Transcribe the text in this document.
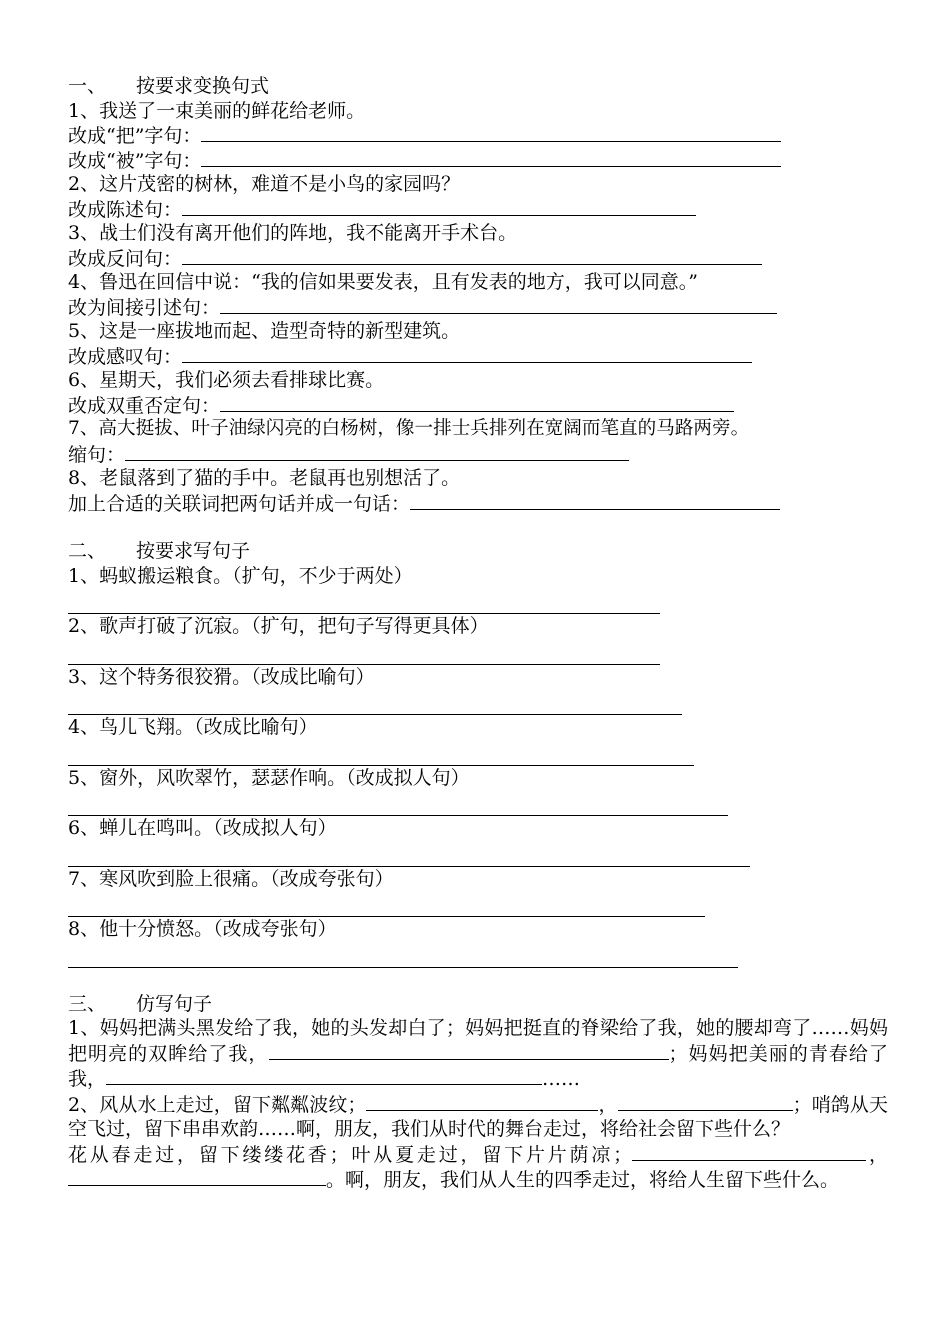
一、 按要求变换句式
1、我送了一束美丽的鲜花给老师。
改成“把”字句：
改成“被”字句：
2、这片茂密的树林，难道不是小鸟的家园吗？
改成陈述句：
3、战士们没有离开他们的阵地，我不能离开手术台。
改成反问句：
4、鲁迅在回信中说：“我的信如果要发表，且有发表的地方，我可以同意。”
改为间接引述句：
5、这是一座拔地而起、造型奇特的新型建筑。
改成感叹句：
6、星期天，我们必须去看排球比赛。
改成双重否定句：
7、高大挺拔、叶子油绿闪亮的白杨树，像一排士兵排列在宽阔而笔直的马路两旁。
缩句：
8、老鼠落到了猫的手中。老鼠再也别想活了。
加上合适的关联词把两句话并成一句话：
二、 按要求写句子
1、蚂蚁搬运粮食。（扩句，不少于两处）
2、歌声打破了沉寂。（扩句，把句子写得更具体）
3、这个特务很狡猾。（改成比喻句）
4、鸟儿飞翔。（改成比喻句）
5、窗外，风吹翠竹，瑟瑟作响。（改成拟人句）
6、蝉儿在鸣叫。（改成拟人句）
7、寒风吹到脸上很痛。（改成夸张句）
8、他十分愤怒。（改成夸张句）
三、 仿写句子
1、妈妈把满头黑发给了我，她的头发却白了；妈妈把挺直的脊梁给了我，她的腰却弯了……妈妈把明亮的双眸给了我，	；妈妈把美丽的青春给了我，	……
2、风从水上走过，留下粼粼波纹；	，	；哨鸽从天空飞过，留下串串欢韵……啊，朋友，我们从时代的舞台走过，将给社会留下些什么？
花从春走过，留下缕缕花香；叶从夏走过，留下片片荫凉；	，。啊，朋友，我们从人生的四季走过，将给人生留下些什么。
